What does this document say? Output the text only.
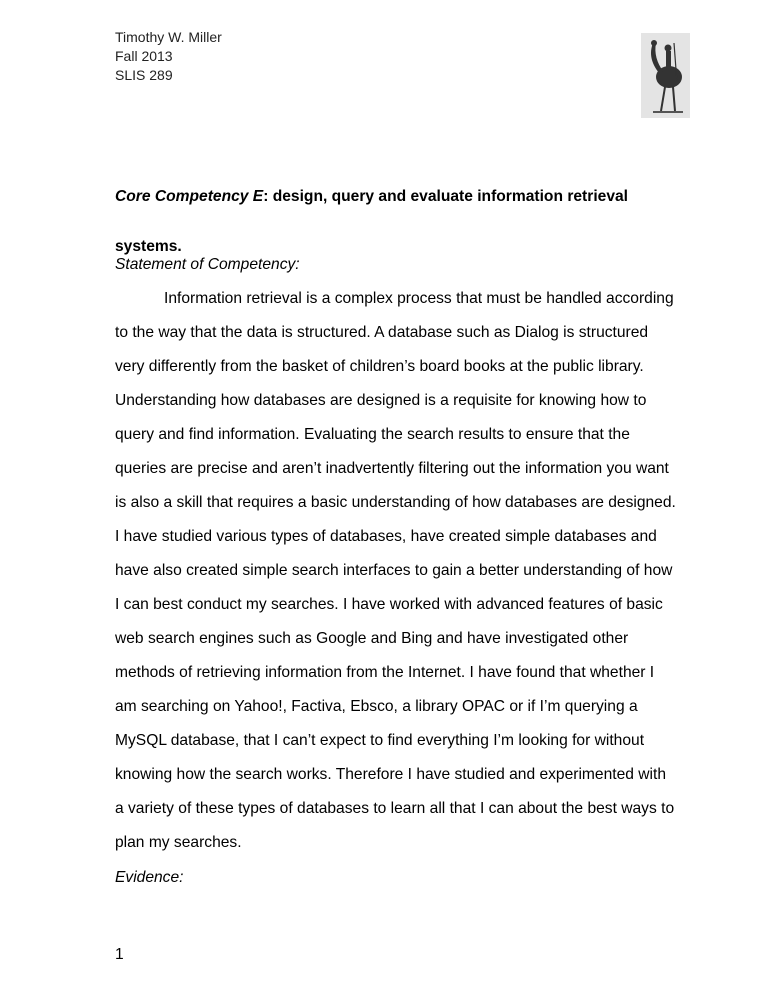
Timothy W. Miller
Fall 2013
SLIS 289
Core Competency E: design, query and evaluate information retrieval
systems.
Statement of Competency:
Information retrieval is a complex process that must be handled according
to the way that the data is structured. A database such as Dialog is structured
very differently from the basket of children’s board books at the public library.
Understanding how databases are designed is a requisite for knowing how to
query and find information. Evaluating the search results to ensure that the
queries are precise and aren’t inadvertently filtering out the information you want
is also a skill that requires a basic understanding of how databases are designed.
I have studied various types of databases, have created simple databases and
have also created simple search interfaces to gain a better understanding of how
I can best conduct my searches. I have worked with advanced features of basic
web search engines such as Google and Bing and have investigated other
methods of retrieving information from the Internet. I have found that whether I
am searching on Yahoo!, Factiva, Ebsco, a library OPAC or if I’m querying a
MySQL database, that I can’t expect to find everything I’m looking for without
knowing how the search works. Therefore I have studied and experimented with
a variety of these types of databases to learn all that I can about the best ways to
plan my searches.
Evidence:
1
